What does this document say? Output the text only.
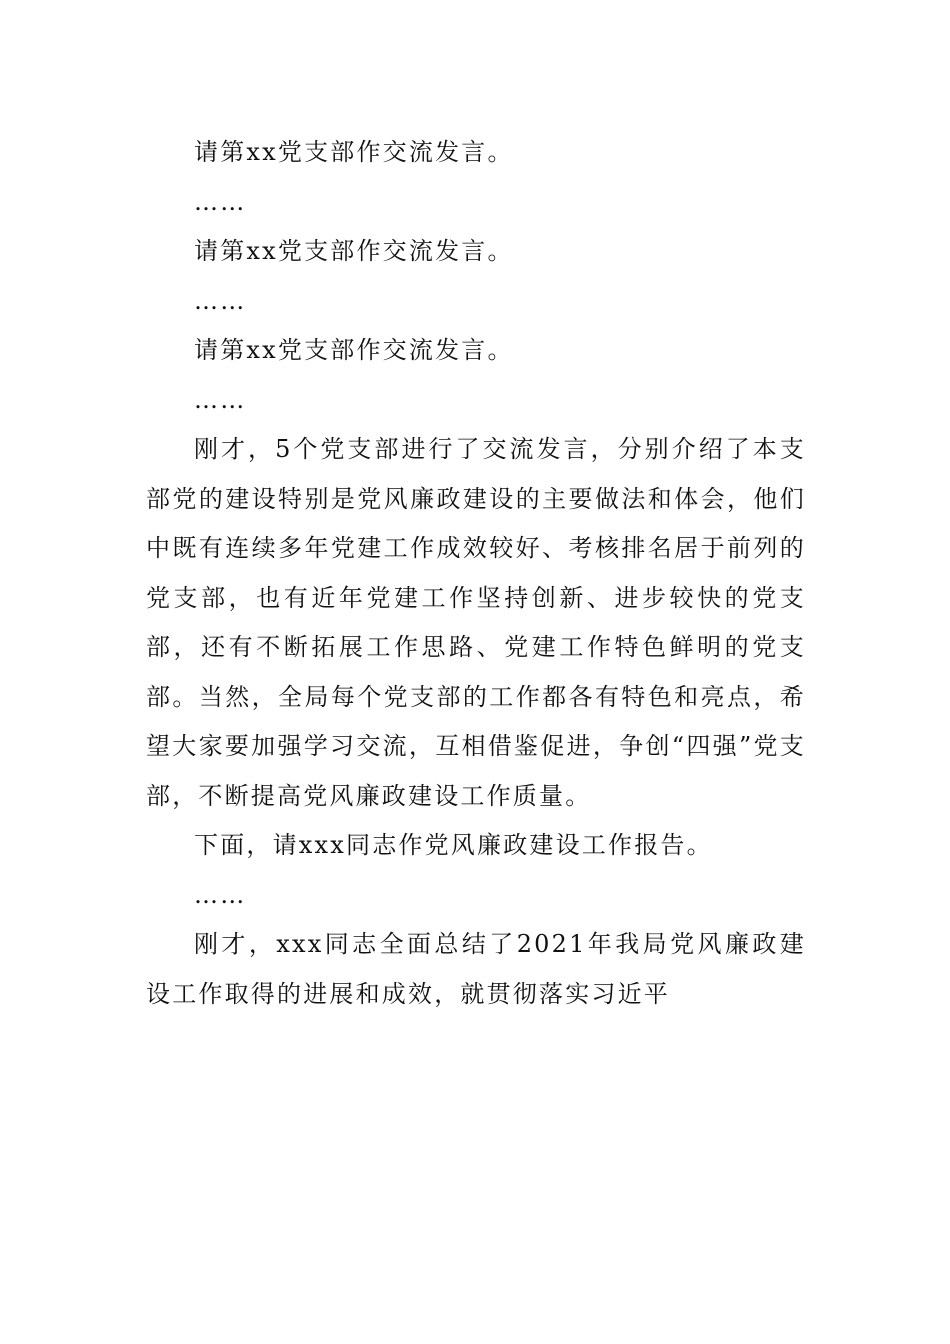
请第xx党支部作交流发言。

……

请第xx党支部作交流发言。

……

请第xx党支部作交流发言。

……

刚才，5个党支部进行了交流发言，分别介绍了本支部党的建设特别是党风廉政建设的主要做法和体会，他们中既有连续多年党建工作成效较好、考核排名居于前列的党支部，也有近年党建工作坚持创新、进步较快的党支部，还有不断拓展工作思路、党建工作特色鲜明的党支部。当然，全局每个党支部的工作都各有特色和亮点，希望大家要加强学习交流，互相借鉴促进，争创“四强”党支部，不断提高党风廉政建设工作质量。

下面，请xxx同志作党风廉政建设工作报告。

……

刚才，xxx同志全面总结了2021年我局党风廉政建设工作取得的进展和成效，就贯彻落实习近平
